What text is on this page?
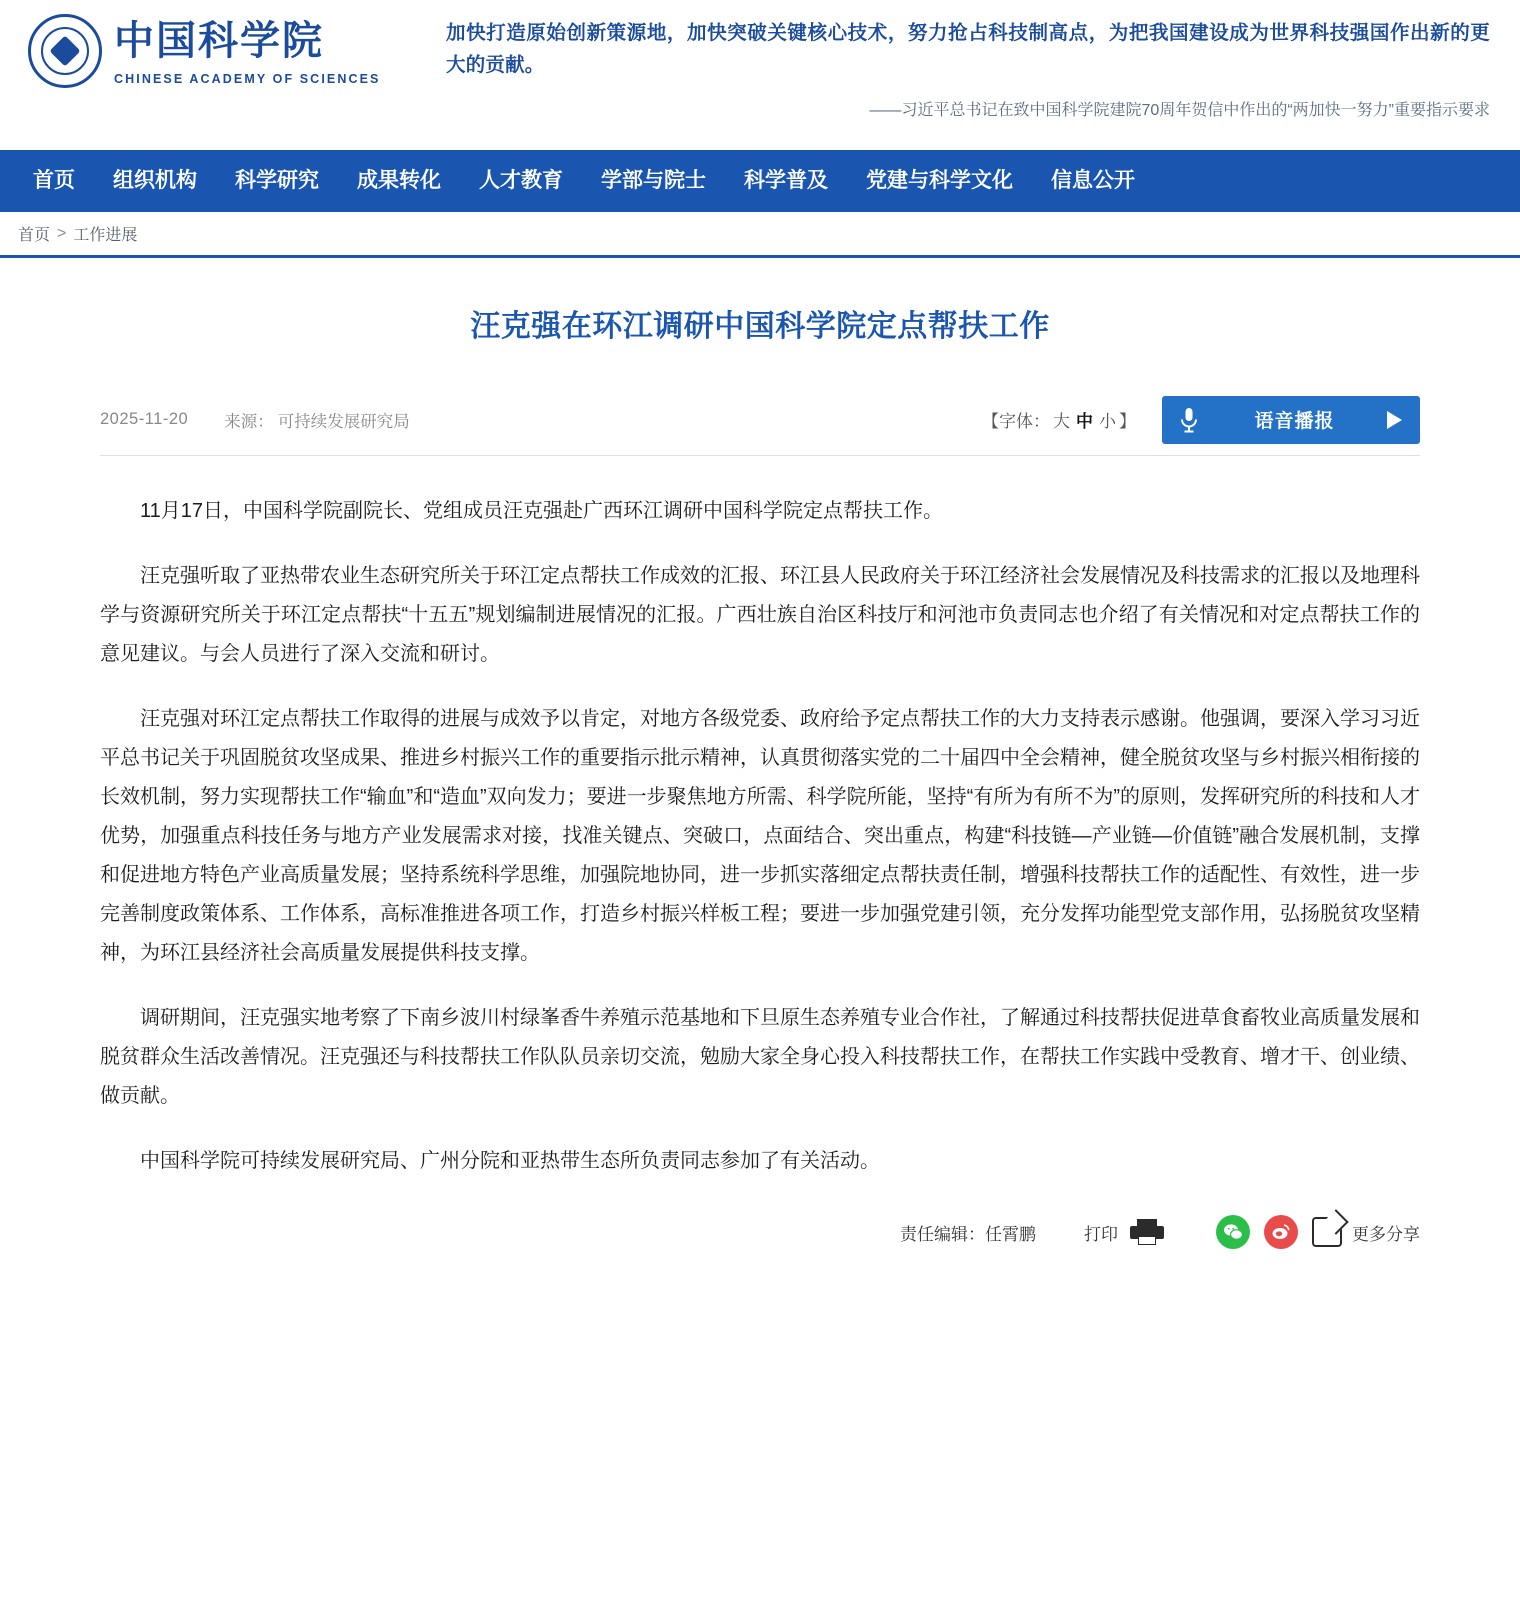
中国科学院
CHINESE ACADEMY OF SCIENCES
加快打造原始创新策源地，加快突破关键核心技术，努力抢占科技制高点，为把我国建设成为世界科技强国作出新的更大的贡献。
——习近平总书记在致中国科学院建院70周年贺信中作出的“两加快一努力”重要指示要求
首页	组织机构	科学研究	成果转化	人才教育	学部与院士	科学普及	党建与科学文化	信息公开
首页 > 工作进展
汪克强在环江调研中国科学院定点帮扶工作
2025-11-20 来源： 可持续发展研究局	【字体： 大 中 小 】	语音播报

11月17日，中国科学院副院长、党组成员汪克强赴广西环江调研中国科学院定点帮扶工作。

汪克强听取了亚热带农业生态研究所关于环江定点帮扶工作成效的汇报、环江县人民政府关于环江经济社会发展情况及科技需求的汇报以及地理科学与资源研究所关于环江定点帮扶“十五五”规划编制进展情况的汇报。广西壮族自治区科技厅和河池市负责同志也介绍了有关情况和对定点帮扶工作的意见建议。与会人员进行了深入交流和研讨。

汪克强对环江定点帮扶工作取得的进展与成效予以肯定，对地方各级党委、政府给予定点帮扶工作的大力支持表示感谢。他强调，要深入学习习近平总书记关于巩固脱贫攻坚成果、推进乡村振兴工作的重要指示批示精神，认真贯彻落实党的二十届四中全会精神，健全脱贫攻坚与乡村振兴相衔接的长效机制，努力实现帮扶工作“输血”和“造血”双向发力；要进一步聚焦地方所需、科学院所能，坚持“有所为有所不为”的原则，发挥研究所的科技和人才优势，加强重点科技任务与地方产业发展需求对接，找准关键点、突破口，点面结合、突出重点，构建“科技链—产业链—价值链”融合发展机制，支撑和促进地方特色产业高质量发展；坚持系统科学思维，加强院地协同，进一步抓实落细定点帮扶责任制，增强科技帮扶工作的适配性、有效性，进一步完善制度政策体系、工作体系，高标准推进各项工作，打造乡村振兴样板工程；要进一步加强党建引领，充分发挥功能型党支部作用，弘扬脱贫攻坚精神，为环江县经济社会高质量发展提供科技支撑。

调研期间，汪克强实地考察了下南乡波川村绿峯香牛养殖示范基地和下旦原生态养殖专业合作社，了解通过科技帮扶促进草食畜牧业高质量发展和脱贫群众生活改善情况。汪克强还与科技帮扶工作队队员亲切交流，勉励大家全身心投入科技帮扶工作，在帮扶工作实践中受教育、增才干、创业绩、做贡献。

中国科学院可持续发展研究局、广州分院和亚热带生态所负责同志参加了有关活动。

责任编辑：任霄鹏	打印	更多分享
